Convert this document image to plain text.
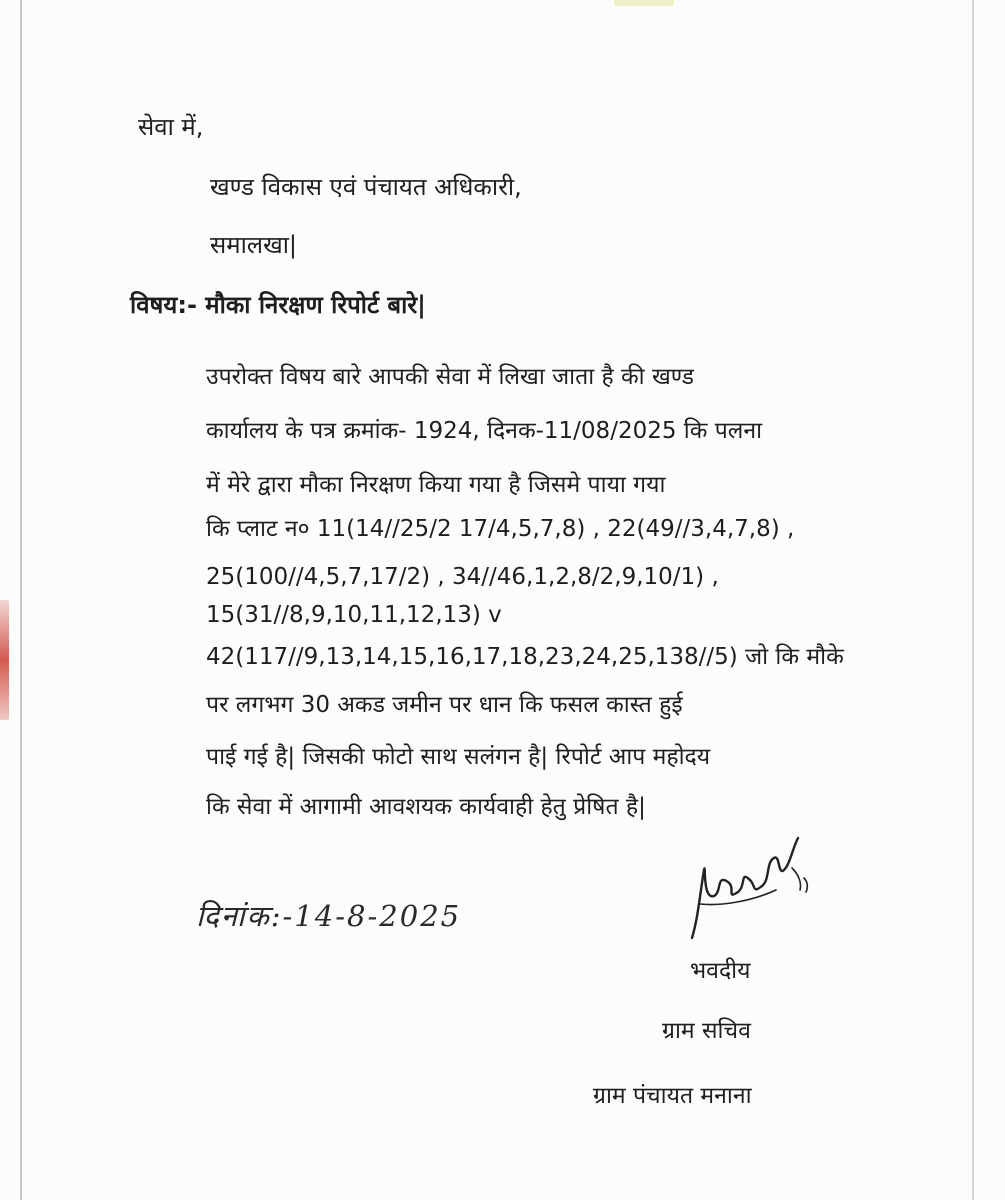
सेवा में,
खण्ड विकास एवं पंचायत अधिकारी,
समालखा|
विषय:- मौका निरक्षण रिपोर्ट बारे|
उपरोक्त विषय बारे आपकी सेवा में लिखा जाता है की खण्ड
कार्यालय के पत्र क्रमांक- 1924, दिनक-11/08/2025 कि पलना
में मेरे द्वारा मौका निरक्षण किया गया है जिसमे पाया गया
कि प्लाट न० 11(14//25/2 17/4,5,7,8) , 22(49//3,4,7,8) ,
25(100//4,5,7,17/2) , 34//46,1,2,8/2,9,10/1) ,
15(31//8,9,10,11,12,13) v
42(117//9,13,14,15,16,17,18,23,24,25,138//5) जो कि मौके
पर लगभग 30 अकड जमीन पर धान कि फसल कास्त हुई
पाई गई है| जिसकी फोटो साथ सलंगन है| रिपोर्ट आप महोदय
कि सेवा में आगामी आवशयक कार्यवाही हेतु प्रेषित है|
दिनांक:-14-8-2025
भवदीय
ग्राम सचिव
ग्राम पंचायत मनाना
